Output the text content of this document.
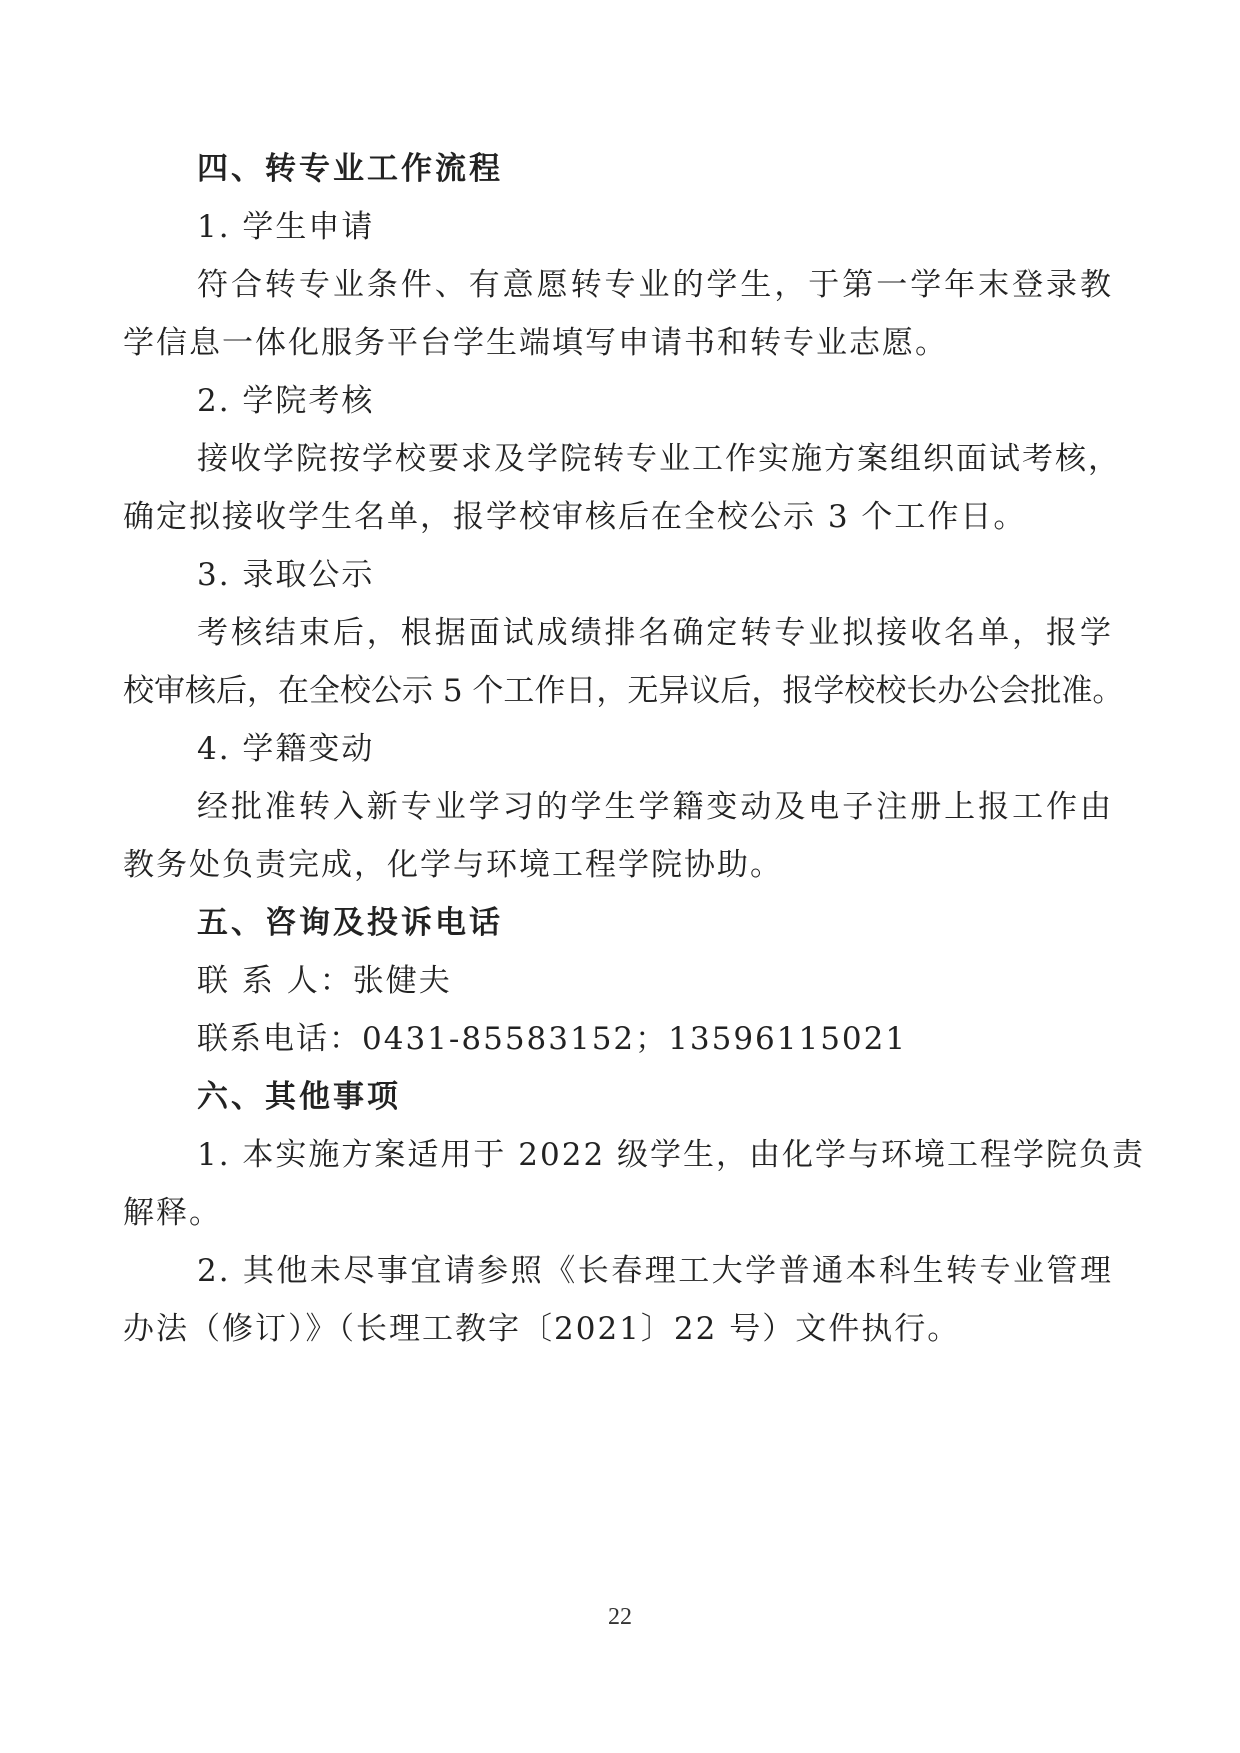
四、转专业工作流程
1. 学生申请
符合转专业条件、有意愿转专业的学生，于第一学年末登录教
学信息一体化服务平台学生端填写申请书和转专业志愿。
2. 学院考核
接收学院按学校要求及学院转专业工作实施方案组织面试考核，
确定拟接收学生名单，报学校审核后在全校公示 3 个工作日。
3. 录取公示
考核结束后，根据面试成绩排名确定转专业拟接收名单，报学
校审核后，在全校公示 5 个工作日，无异议后，报学校校长办公会批准。
4. 学籍变动
经批准转入新专业学习的学生学籍变动及电子注册上报工作由
教务处负责完成，化学与环境工程学院协助。
五、咨询及投诉电话
联 系 人：张健夫
联系电话：0431-85583152；13596115021
六、其他事项
1. 本实施方案适用于 2022 级学生，由化学与环境工程学院负责
解释。
2. 其他未尽事宜请参照《长春理工大学普通本科生转专业管理
办法（修订）》（长理工教字〔2021〕22 号）文件执行。
22
